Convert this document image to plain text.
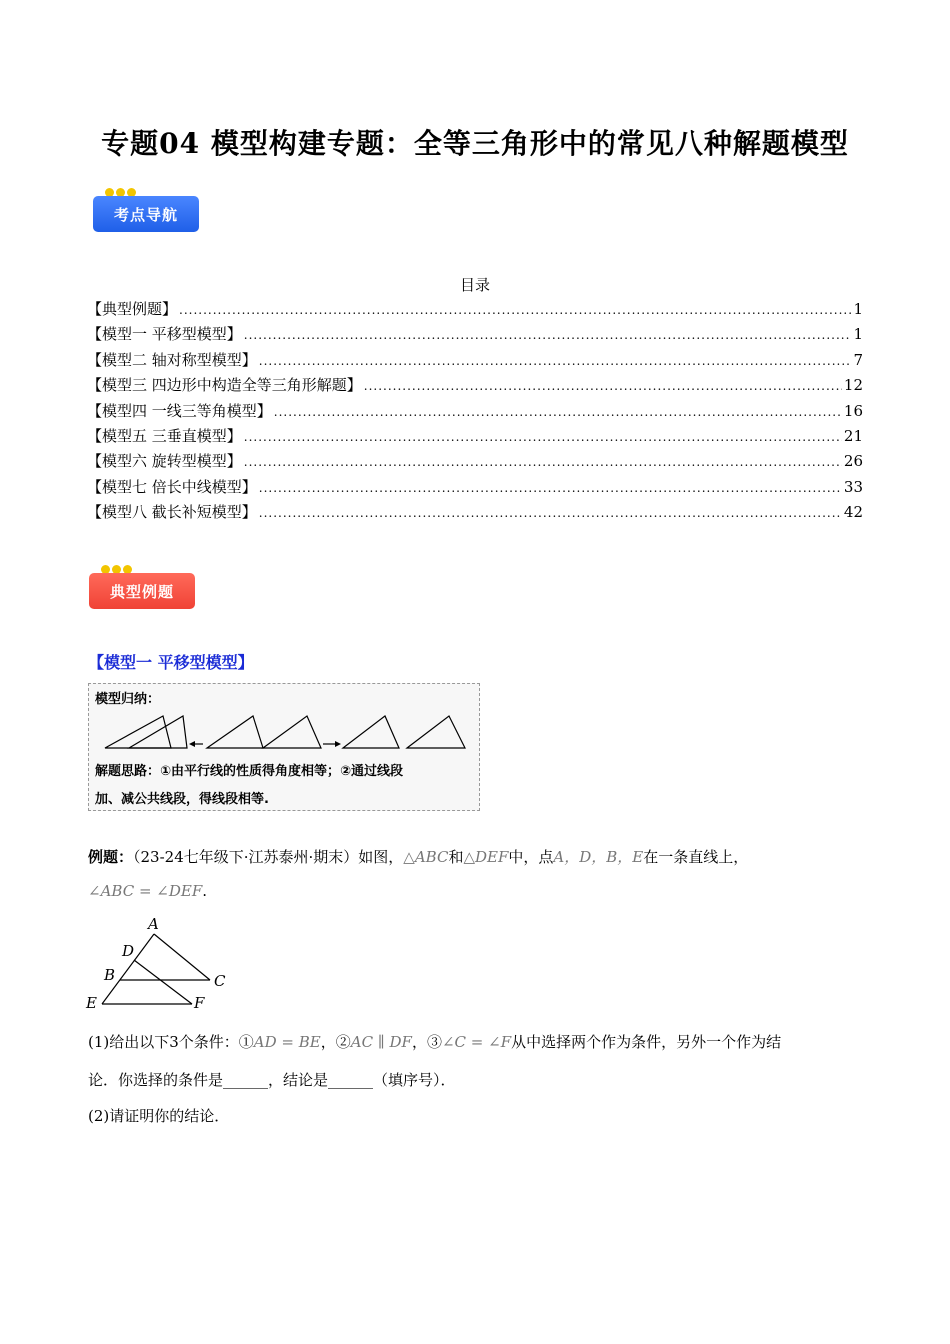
专题04 模型构建专题：全等三角形中的常见八种解题模型
考点导航
目录
【典型例题】 .....	1
【模型一 平移型模型】 .....	1
【模型二 轴对称型模型】 .....	7
【模型三 四边形中构造全等三角形解题】 .....	12
【模型四 一线三等角模型】 .....	16
【模型五 三垂直模型】 .....	21
【模型六 旋转型模型】 .....	26
【模型七 倍长中线模型】 .....	33
【模型八 截长补短模型】 .....	42
典型例题
【模型一 平移型模型】
模型归纳：
解题思路：①由平行线的性质得角度相等；②通过线段
加、减公共线段，得线段相等.
例题：（23-24七年级下·江苏泰州·期末）如图，△ABC和△DEF中，点A，D，B，E在一条直线上，
∠ABC = ∠DEF.
A
D
B	C
E	F
(1)给出以下3个条件：①AD = BE，②AC ∥ DF，③∠C = ∠F从中选择两个作为条件，另外一个作为结
论．你选择的条件是______，结论是______（填序号）．
(2)请证明你的结论．
